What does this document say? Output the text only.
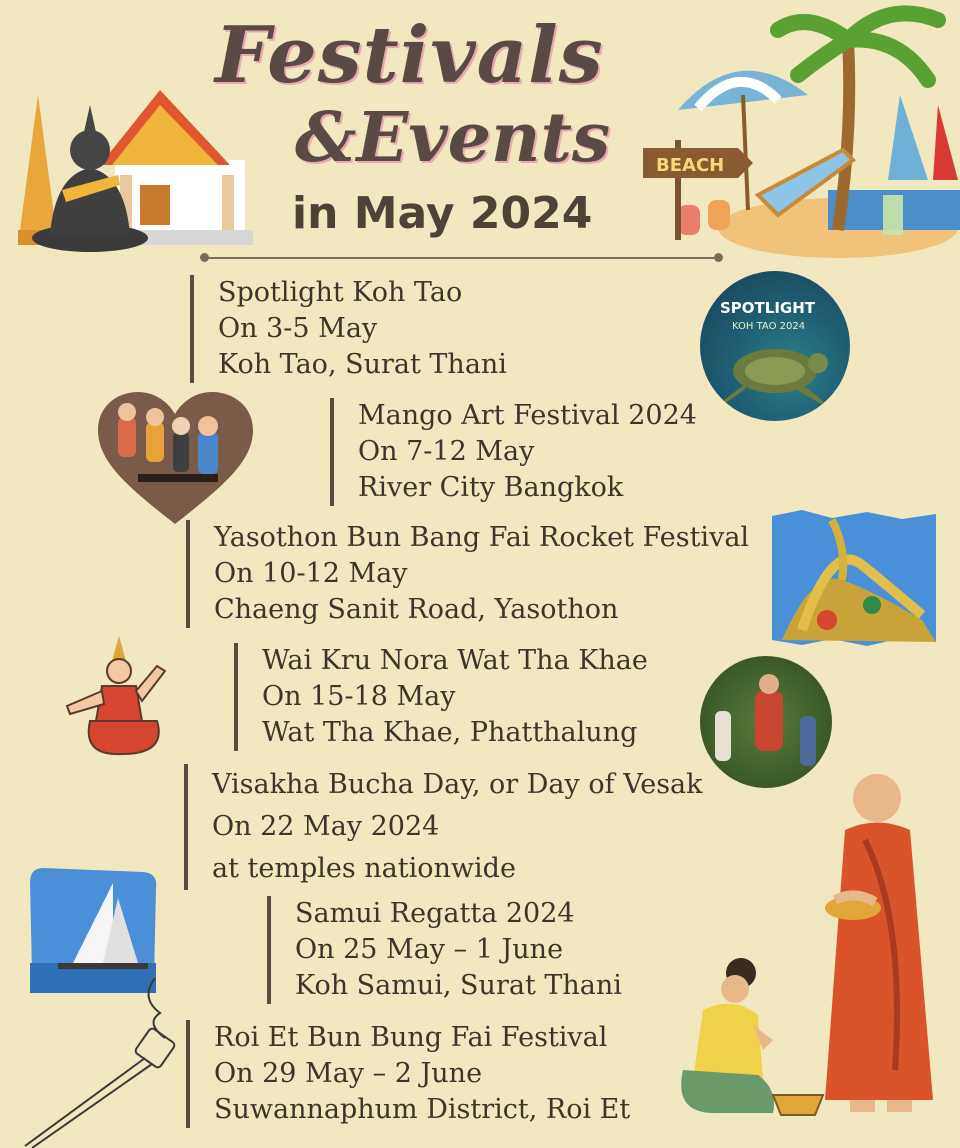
BEACH
Festivals
&Events
in May 2024
Spotlight Koh Tao
On 3-5 May
Koh Tao, Surat Thani
SPOTLIGHT
KOH TAO 2024
Mango Art Festival 2024
On 7-12 May
River City Bangkok
Yasothon Bun Bang Fai Rocket Festival
On 10-12 May
Chaeng Sanit Road, Yasothon
Wai Kru Nora Wat Tha Khae
On 15-18 May
Wat Tha Khae, Phatthalung
Visakha Bucha Day, or Day of Vesak
On 22 May 2024
at temples nationwide
Samui Regatta 2024
On 25 May – 1 June
Koh Samui, Surat Thani
Roi Et Bun Bung Fai Festival
On 29 May – 2 June
Suwannaphum District, Roi Et
